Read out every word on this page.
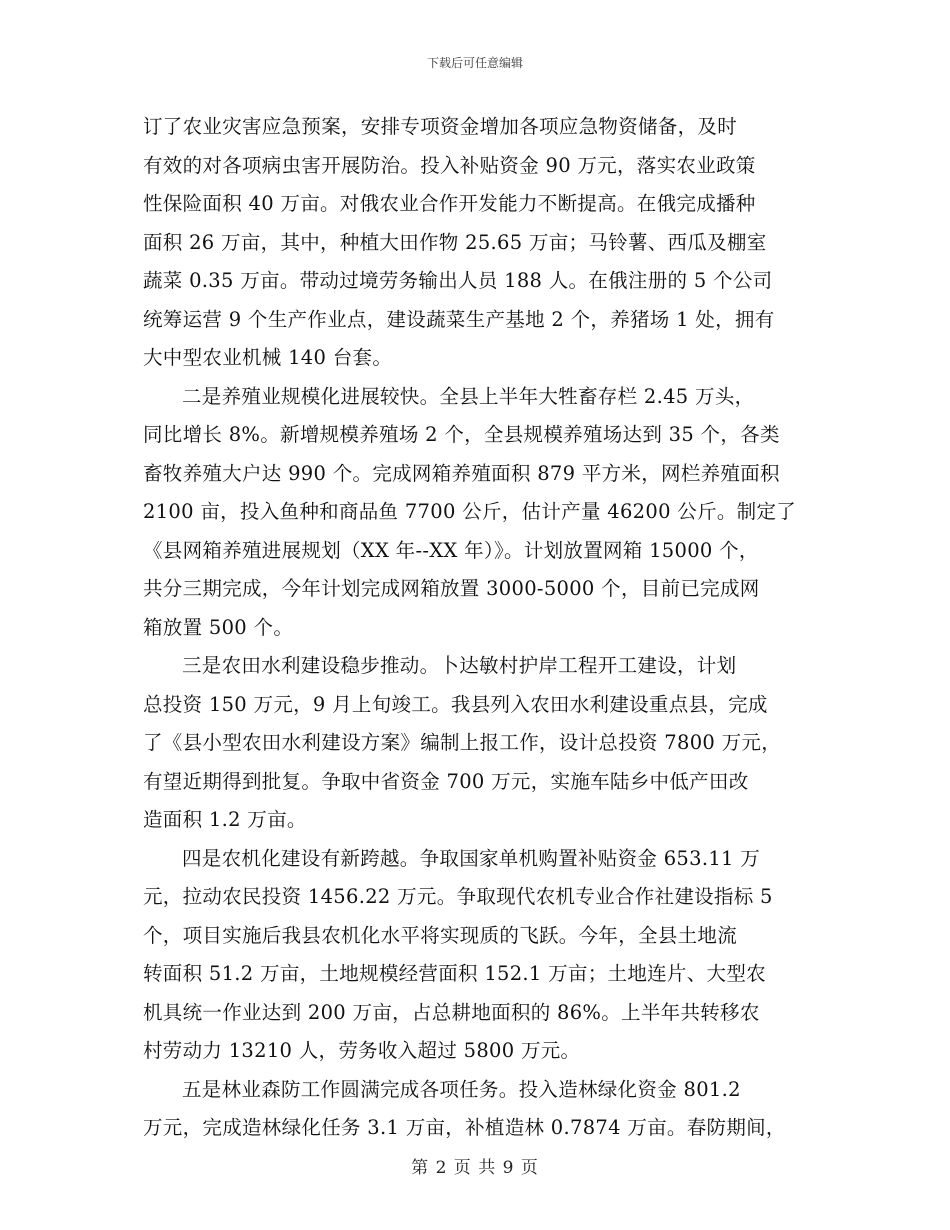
下载后可任意编辑
订了农业灾害应急预案，安排专项资金增加各项应急物资储备，及时
有效的对各项病虫害开展防治。投入补贴资金 90 万元，落实农业政策
性保险面积 40 万亩。对俄农业合作开发能力不断提高。在俄完成播种
面积 26 万亩，其中，种植大田作物 25.65 万亩；马铃薯、西瓜及棚室
蔬菜 0.35 万亩。带动过境劳务输出人员 188 人。在俄注册的 5 个公司
统筹运营 9 个生产作业点，建设蔬菜生产基地 2 个，养猪场 1 处，拥有
大中型农业机械 140 台套。
二是养殖业规模化进展较快。全县上半年大牲畜存栏 2.45 万头，
同比增长 8%。新增规模养殖场 2 个，全县规模养殖场达到 35 个，各类
畜牧养殖大户达 990 个。完成网箱养殖面积 879 平方米，网栏养殖面积
2100 亩，投入鱼种和商品鱼 7700 公斤，估计产量 46200 公斤。制定了
《县网箱养殖进展规划（XX 年--XX 年）》。计划放置网箱 15000 个，
共分三期完成，今年计划完成网箱放置 3000-5000 个，目前已完成网
箱放置 500 个。
三是农田水利建设稳步推动。卜达敏村护岸工程开工建设，计划
总投资 150 万元，9 月上旬竣工。我县列入农田水利建设重点县，完成
了《县小型农田水利建设方案》编制上报工作，设计总投资 7800 万元，
有望近期得到批复。争取中省资金 700 万元，实施车陆乡中低产田改
造面积 1.2 万亩。
四是农机化建设有新跨越。争取国家单机购置补贴资金 653.11 万
元，拉动农民投资 1456.22 万元。争取现代农机专业合作社建设指标 5
个，项目实施后我县农机化水平将实现质的飞跃。今年，全县土地流
转面积 51.2 万亩，土地规模经营面积 152.1 万亩；土地连片、大型农
机具统一作业达到 200 万亩，占总耕地面积的 86%。上半年共转移农
村劳动力 13210 人，劳务收入超过 5800 万元。
五是林业森防工作圆满完成各项任务。投入造林绿化资金 801.2
万元，完成造林绿化任务 3.1 万亩，补植造林 0.7874 万亩。春防期间，
第 2 页 共 9 页
